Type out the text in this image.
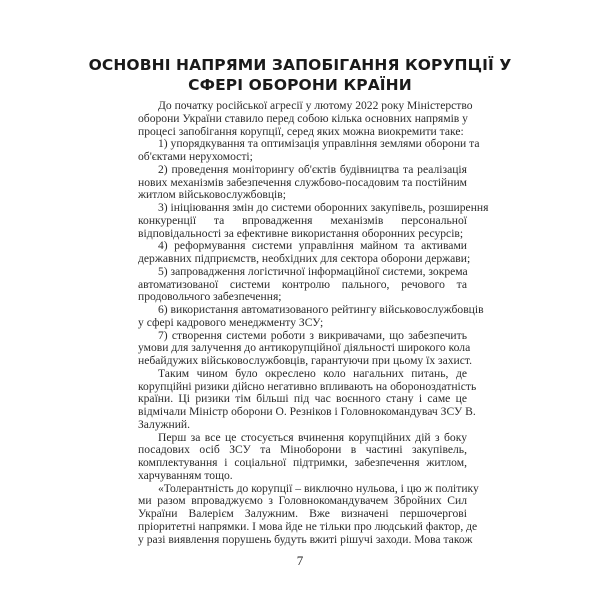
ОСНОВНІ НАПРЯМИ ЗАПОБІГАННЯ КОРУПЦІЇ У
СФЕРІ ОБОРОНИ КРАЇНИ
До початку російської агресії у лютому 2022 року Міністерство
оборони України ставило перед собою кілька основних напрямів у
процесі запобігання корупції, серед яких можна виокремити таке:
1) упорядкування та оптимізація управління землями оборони та
об'єктами нерухомості;
2) проведення моніторингу об'єктів будівництва та реалізація
нових механізмів забезпечення службово-посадовим та постійним
житлом військовослужбовців;
3) ініціювання змін до системи оборонних закупівель, розширення
конкуренції та впровадження механізмів персональної
відповідальності за ефективне використання оборонних ресурсів;
4) реформування системи управління майном та активами
державних підприємств, необхідних для сектора оборони держави;
5) запровадження логістичної інформаційної системи, зокрема
автоматизованої системи контролю пального, речового та
продовольчого забезпечення;
6) використання автоматизованого рейтингу військовослужбовців
у сфері кадрового менеджменту ЗСУ;
7) створення системи роботи з викривачами, що забезпечить
умови для залучення до антикорупційної діяльності широкого кола
небайдужих військовослужбовців, гарантуючи при цьому їх захист.
Таким чином було окреслено коло нагальних питань, де
корупційні ризики дійсно негативно впливають на обороноздатність
країни. Ці ризики тім більші під час воєнного стану і саме це
відмічали Міністр оборони О. Резніков і Головнокомандувач ЗСУ В.
Залужний.
Перш за все це стосується вчинення корупційних дій з боку
посадових осіб ЗСУ та Міноборони в частині закупівель,
комплектування і соціальної підтримки, забезпечення житлом,
харчуванням тощо.
«Толерантність до корупції – виключно нульова, і цю ж політику
ми разом впроваджуємо з Головнокомандувачем Збройних Сил
України Валерієм Залужним. Вже визначені першочергові
пріоритетні напрямки. І мова йде не тільки про людський фактор, де
у разі виявлення порушень будуть вжиті рішучі заходи. Мова також
7
